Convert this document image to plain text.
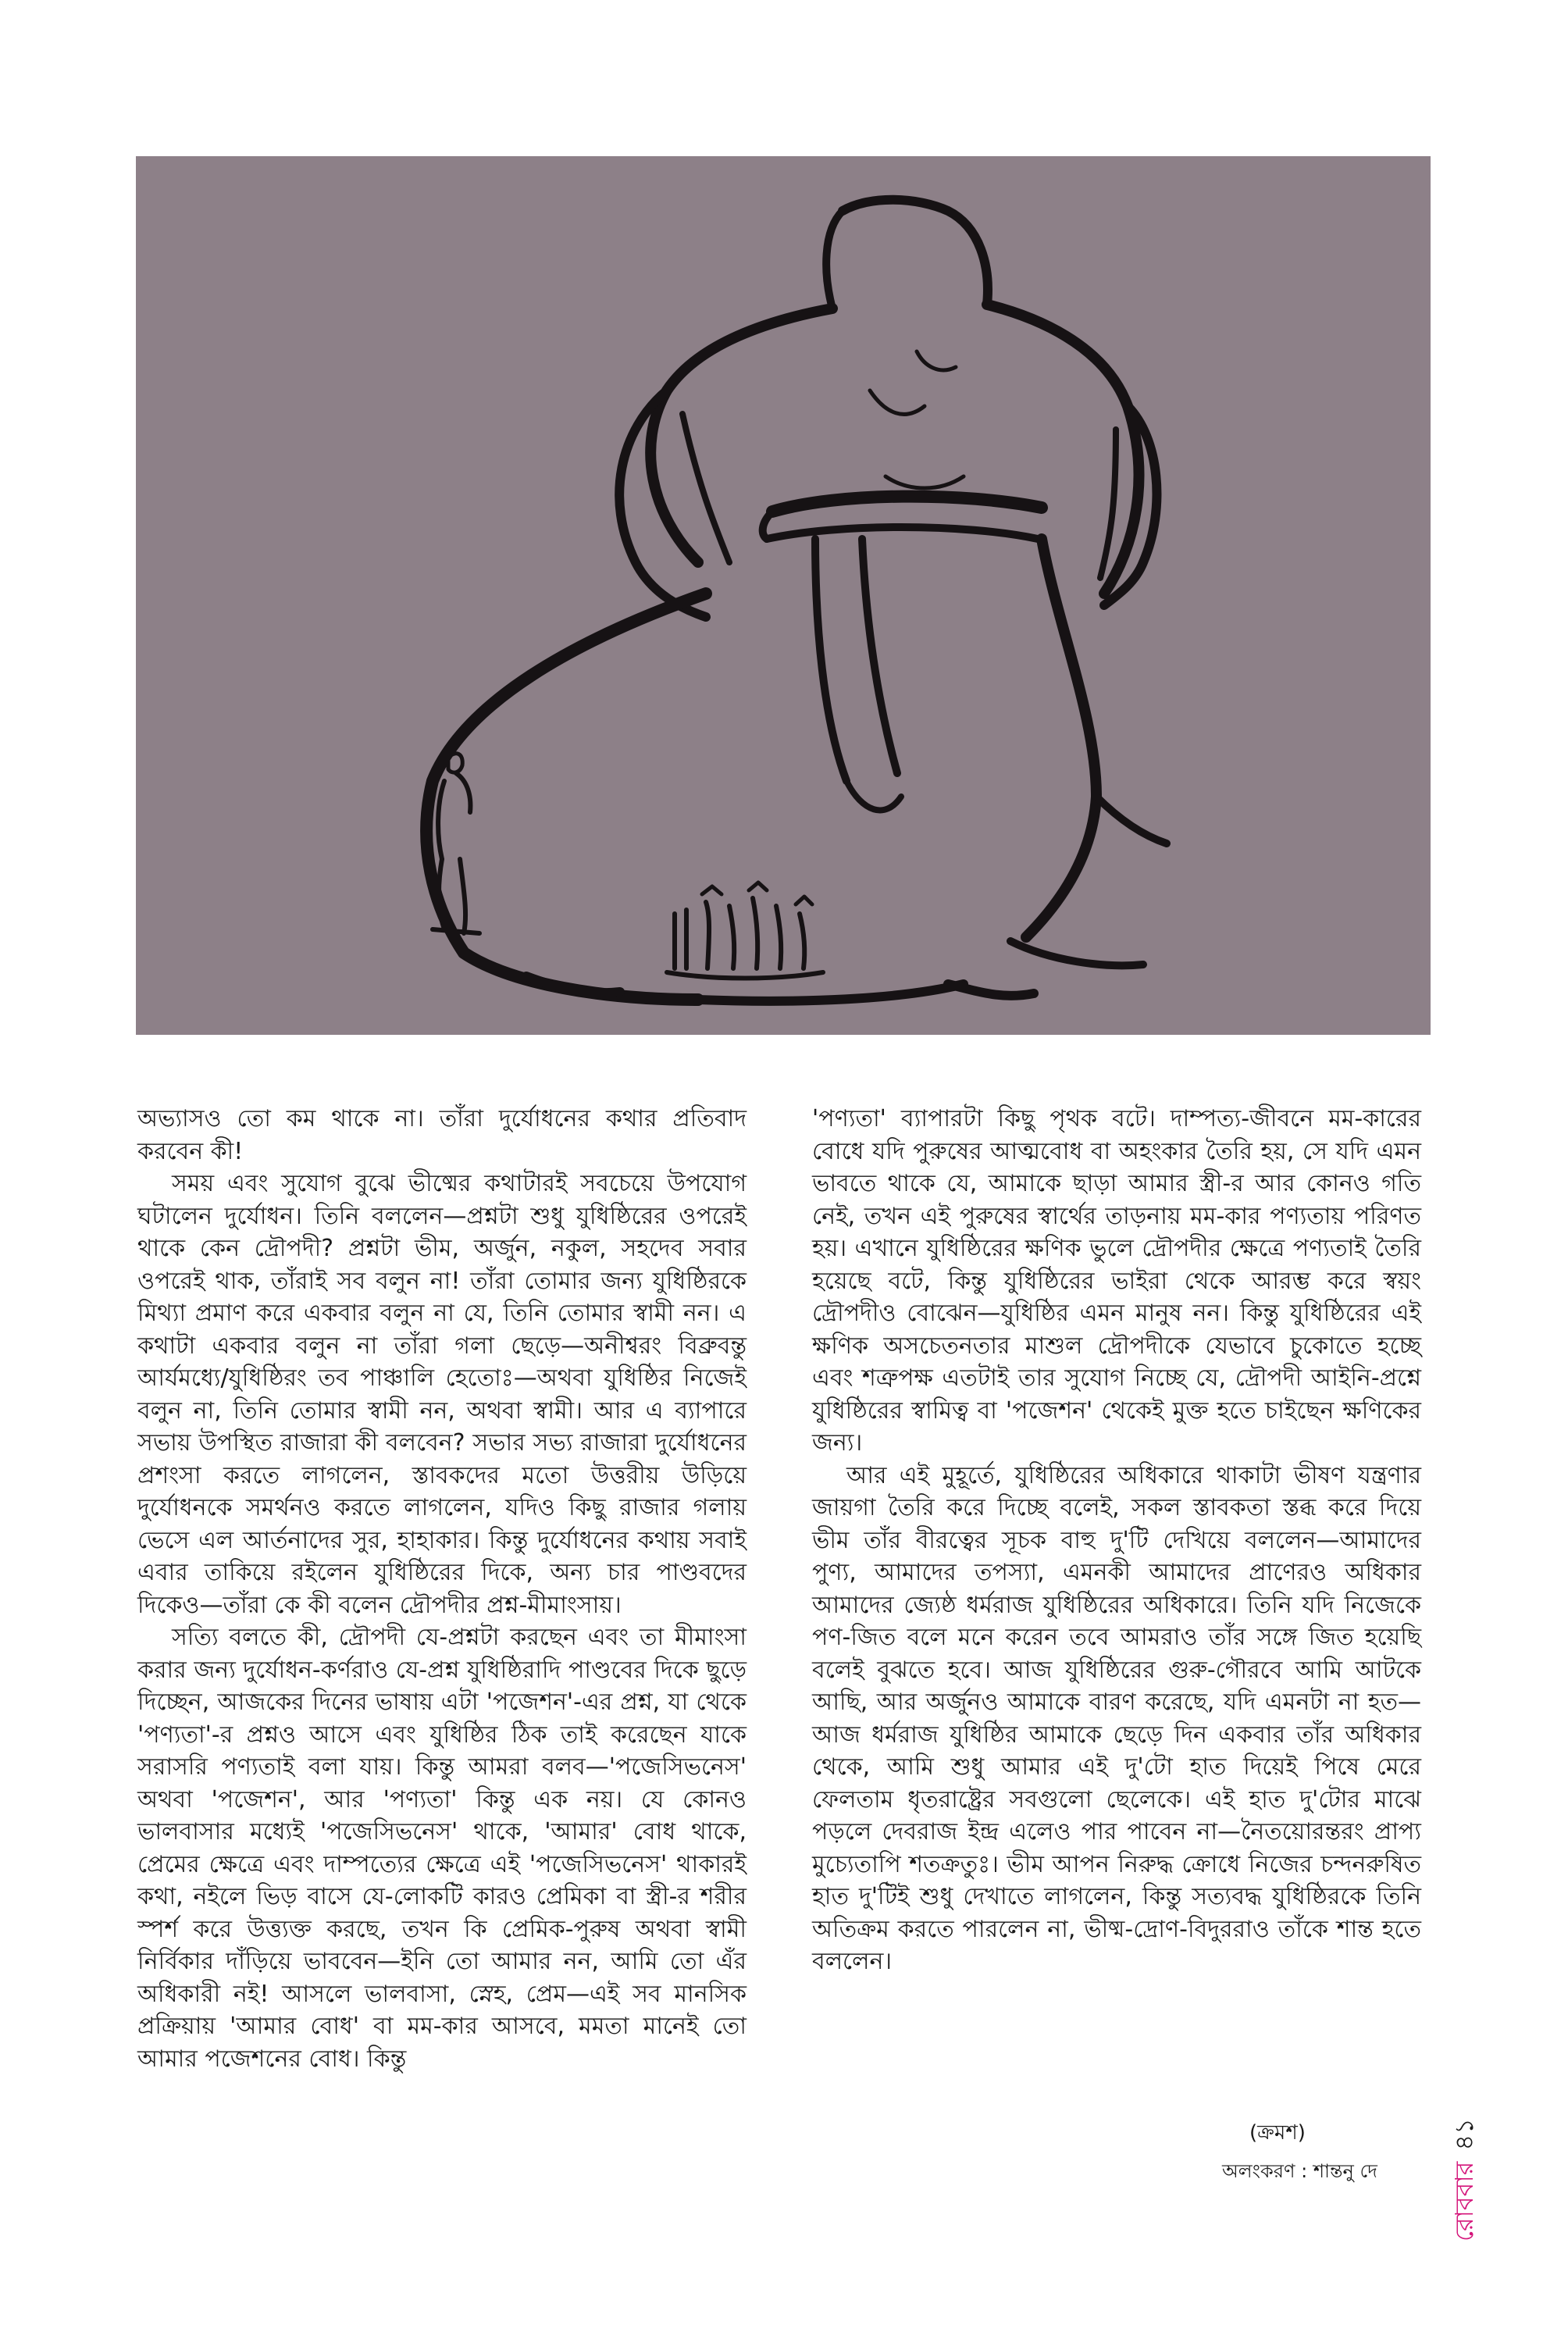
অভ্যাসও তো কম থাকে না। তাঁরা দুর্যোধনের কথার প্রতিবাদ করবেন কী!

সময় এবং সুযোগ বুঝে ভীষ্মের কথাটারই সবচেয়ে উপযোগ ঘটালেন দুর্যোধন। তিনি বললেন—প্রশ্নটা শুধু যুধিষ্ঠিরের ওপরেই থাকে কেন দ্রৌপদী? প্রশ্নটা ভীম, অর্জুন, নকুল, সহদেব সবার ওপরেই থাক, তাঁরাই সব বলুন না! তাঁরা তোমার জন্য যুধিষ্ঠিরকে মিথ্যা প্রমাণ করে একবার বলুন না যে, তিনি তোমার স্বামী নন। এ কথাটা একবার বলুন না তাঁরা গলা ছেড়ে—অনীশ্বরং বিব্রুবন্তু আর্যমধ্যে/যুধিষ্ঠিরং তব পাঞ্চালি হেতোঃ—অথবা যুধিষ্ঠির নিজেই বলুন না, তিনি তোমার স্বামী নন, অথবা স্বামী। আর এ ব্যাপারে সভায় উপস্থিত রাজারা কী বলবেন? সভার সভ্য রাজারা দুর্যোধনের প্রশংসা করতে লাগলেন, স্তাবকদের মতো উত্তরীয় উড়িয়ে দুর্যোধনকে সমর্থনও করতে লাগলেন, যদিও কিছু রাজার গলায় ভেসে এল আর্তনাদের সুর, হাহাকার। কিন্তু দুর্যোধনের কথায় সবাই এবার তাকিয়ে রইলেন যুধিষ্ঠিরের দিকে, অন্য চার পাণ্ডবদের দিকেও—তাঁরা কে কী বলেন দ্রৌপদীর প্রশ্ন-মীমাংসায়।

সত্যি বলতে কী, দ্রৌপদী যে-প্রশ্নটা করছেন এবং তা মীমাংসা করার জন্য দুর্যোধন-কর্ণরাও যে-প্রশ্ন যুধিষ্ঠিরাদি পাণ্ডবের দিকে ছুড়ে দিচ্ছেন, আজকের দিনের ভাষায় এটা 'পজেশন'-এর প্রশ্ন, যা থেকে 'পণ্যতা'-র প্রশ্নও আসে এবং যুধিষ্ঠির ঠিক তাই করেছেন যাকে সরাসরি পণ্যতাই বলা যায়। কিন্তু আমরা বলব—'পজেসিভনেস' অথবা 'পজেশন', আর 'পণ্যতা' কিন্তু এক নয়। যে কোনও ভালবাসার মধ্যেই 'পজেসিভনেস' থাকে, 'আমার' বোধ থাকে, প্রেমের ক্ষেত্রে এবং দাম্পত্যের ক্ষেত্রে এই 'পজেসিভনেস' থাকারই কথা, নইলে ভিড় বাসে যে-লোকটি কারও প্রেমিকা বা স্ত্রী-র শরীর স্পর্শ করে উত্ত্যক্ত করছে, তখন কি প্রেমিক-পুরুষ অথবা স্বামী নির্বিকার দাঁড়িয়ে ভাববেন—ইনি তো আমার নন, আমি তো এঁর অধিকারী নই! আসলে ভালবাসা, স্নেহ, প্রেম—এই সব মানসিক প্রক্রিয়ায় 'আমার বোধ' বা মম-কার আসবে, মমতা মানেই তো আমার পজেশনের বোধ। কিন্তু

'পণ্যতা' ব্যাপারটা কিছু পৃথক বটে। দাম্পত্য-জীবনে মম-কারের বোধে যদি পুরুষের আত্মবোধ বা অহংকার তৈরি হয়, সে যদি এমন ভাবতে থাকে যে, আমাকে ছাড়া আমার স্ত্রী-র আর কোনও গতি নেই, তখন এই পুরুষের স্বার্থের তাড়নায় মম-কার পণ্যতায় পরিণত হয়। এখানে যুধিষ্ঠিরের ক্ষণিক ভুলে দ্রৌপদীর ক্ষেত্রে পণ্যতাই তৈরি হয়েছে বটে, কিন্তু যুধিষ্ঠিরের ভাইরা থেকে আরম্ভ করে স্বয়ং দ্রৌপদীও বোঝেন—যুধিষ্ঠির এমন মানুষ নন। কিন্তু যুধিষ্ঠিরের এই ক্ষণিক অসচেতনতার মাশুল দ্রৌপদীকে যেভাবে চুকোতে হচ্ছে এবং শত্রুপক্ষ এতটাই তার সুযোগ নিচ্ছে যে, দ্রৌপদী আইনি-প্রশ্নে যুধিষ্ঠিরের স্বামিত্ব বা 'পজেশন' থেকেই মুক্ত হতে চাইছেন ক্ষণিকের জন্য।

আর এই মুহূর্তে, যুধিষ্ঠিরের অধিকারে থাকাটা ভীষণ যন্ত্রণার জায়গা তৈরি করে দিচ্ছে বলেই, সকল স্তাবকতা স্তব্ধ করে দিয়ে ভীম তাঁর বীরত্বের সূচক বাহু দু'টি দেখিয়ে বললেন—আমাদের পুণ্য, আমাদের তপস্যা, এমনকী আমাদের প্রাণেরও অধিকার আমাদের জ্যেষ্ঠ ধর্মরাজ যুধিষ্ঠিরের অধিকারে। তিনি যদি নিজেকে পণ-জিত বলে মনে করেন তবে আমরাও তাঁর সঙ্গে জিত হয়েছি বলেই বুঝতে হবে। আজ যুধিষ্ঠিরের গুরু-গৌরবে আমি আটকে আছি, আর অর্জুনও আমাকে বারণ করেছে, যদি এমনটা না হত—আজ ধর্মরাজ যুধিষ্ঠির আমাকে ছেড়ে দিন একবার তাঁর অধিকার থেকে, আমি শুধু আমার এই দু'টো হাত দিয়েই পিষে মেরে ফেলতাম ধৃতরাষ্ট্রের সবগুলো ছেলেকে। এই হাত দু'টোর মাঝে পড়লে দেবরাজ ইন্দ্র এলেও পার পাবেন না—নৈতয়োরন্তরং প্রাপ্য মুচ্যেতাপি শতক্রতুঃ। ভীম আপন নিরুদ্ধ ক্রোধে নিজের চন্দনরুষিত হাত দু'টিই শুধু দেখাতে লাগলেন, কিন্তু সত্যবদ্ধ যুধিষ্ঠিরকে তিনি অতিক্রম করতে পারলেন না, ভীষ্ম-দ্রোণ-বিদুররাও তাঁকে শান্ত হতে বললেন।

(ক্রমশ)
অলংকরণ : শান্তনু দে	রোববার
৪১
